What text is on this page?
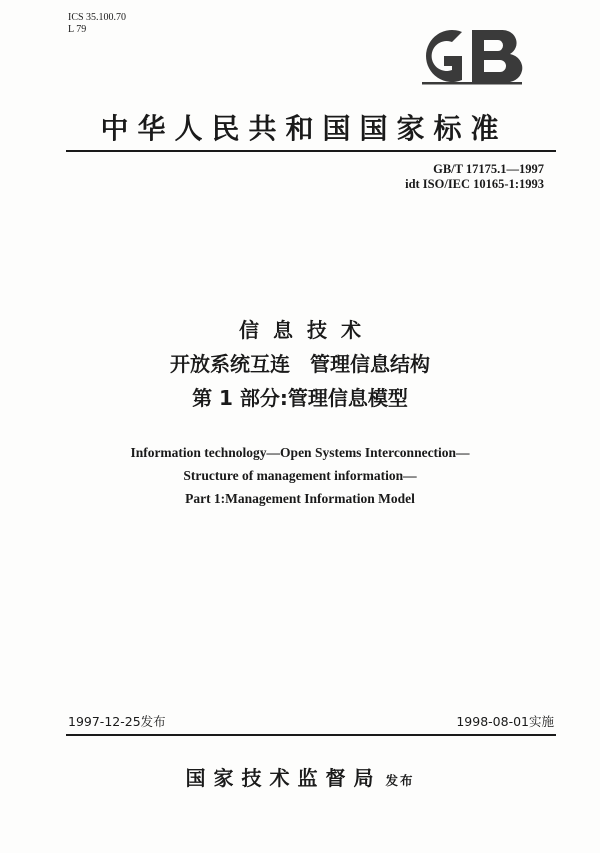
ICS 35.100.70
L 79
中华人民共和国国家标准
GB/T 17175.1—1997
idt ISO/IEC 10165-1:1993
信息技术
开放系统互连　管理信息结构
第 1 部分:管理信息模型
Information technology—Open Systems Interconnection—
Structure of management information—
Part 1:Management Information Model
1997-12-25发布	1998-08-01实施
国家技术监督局 发布
